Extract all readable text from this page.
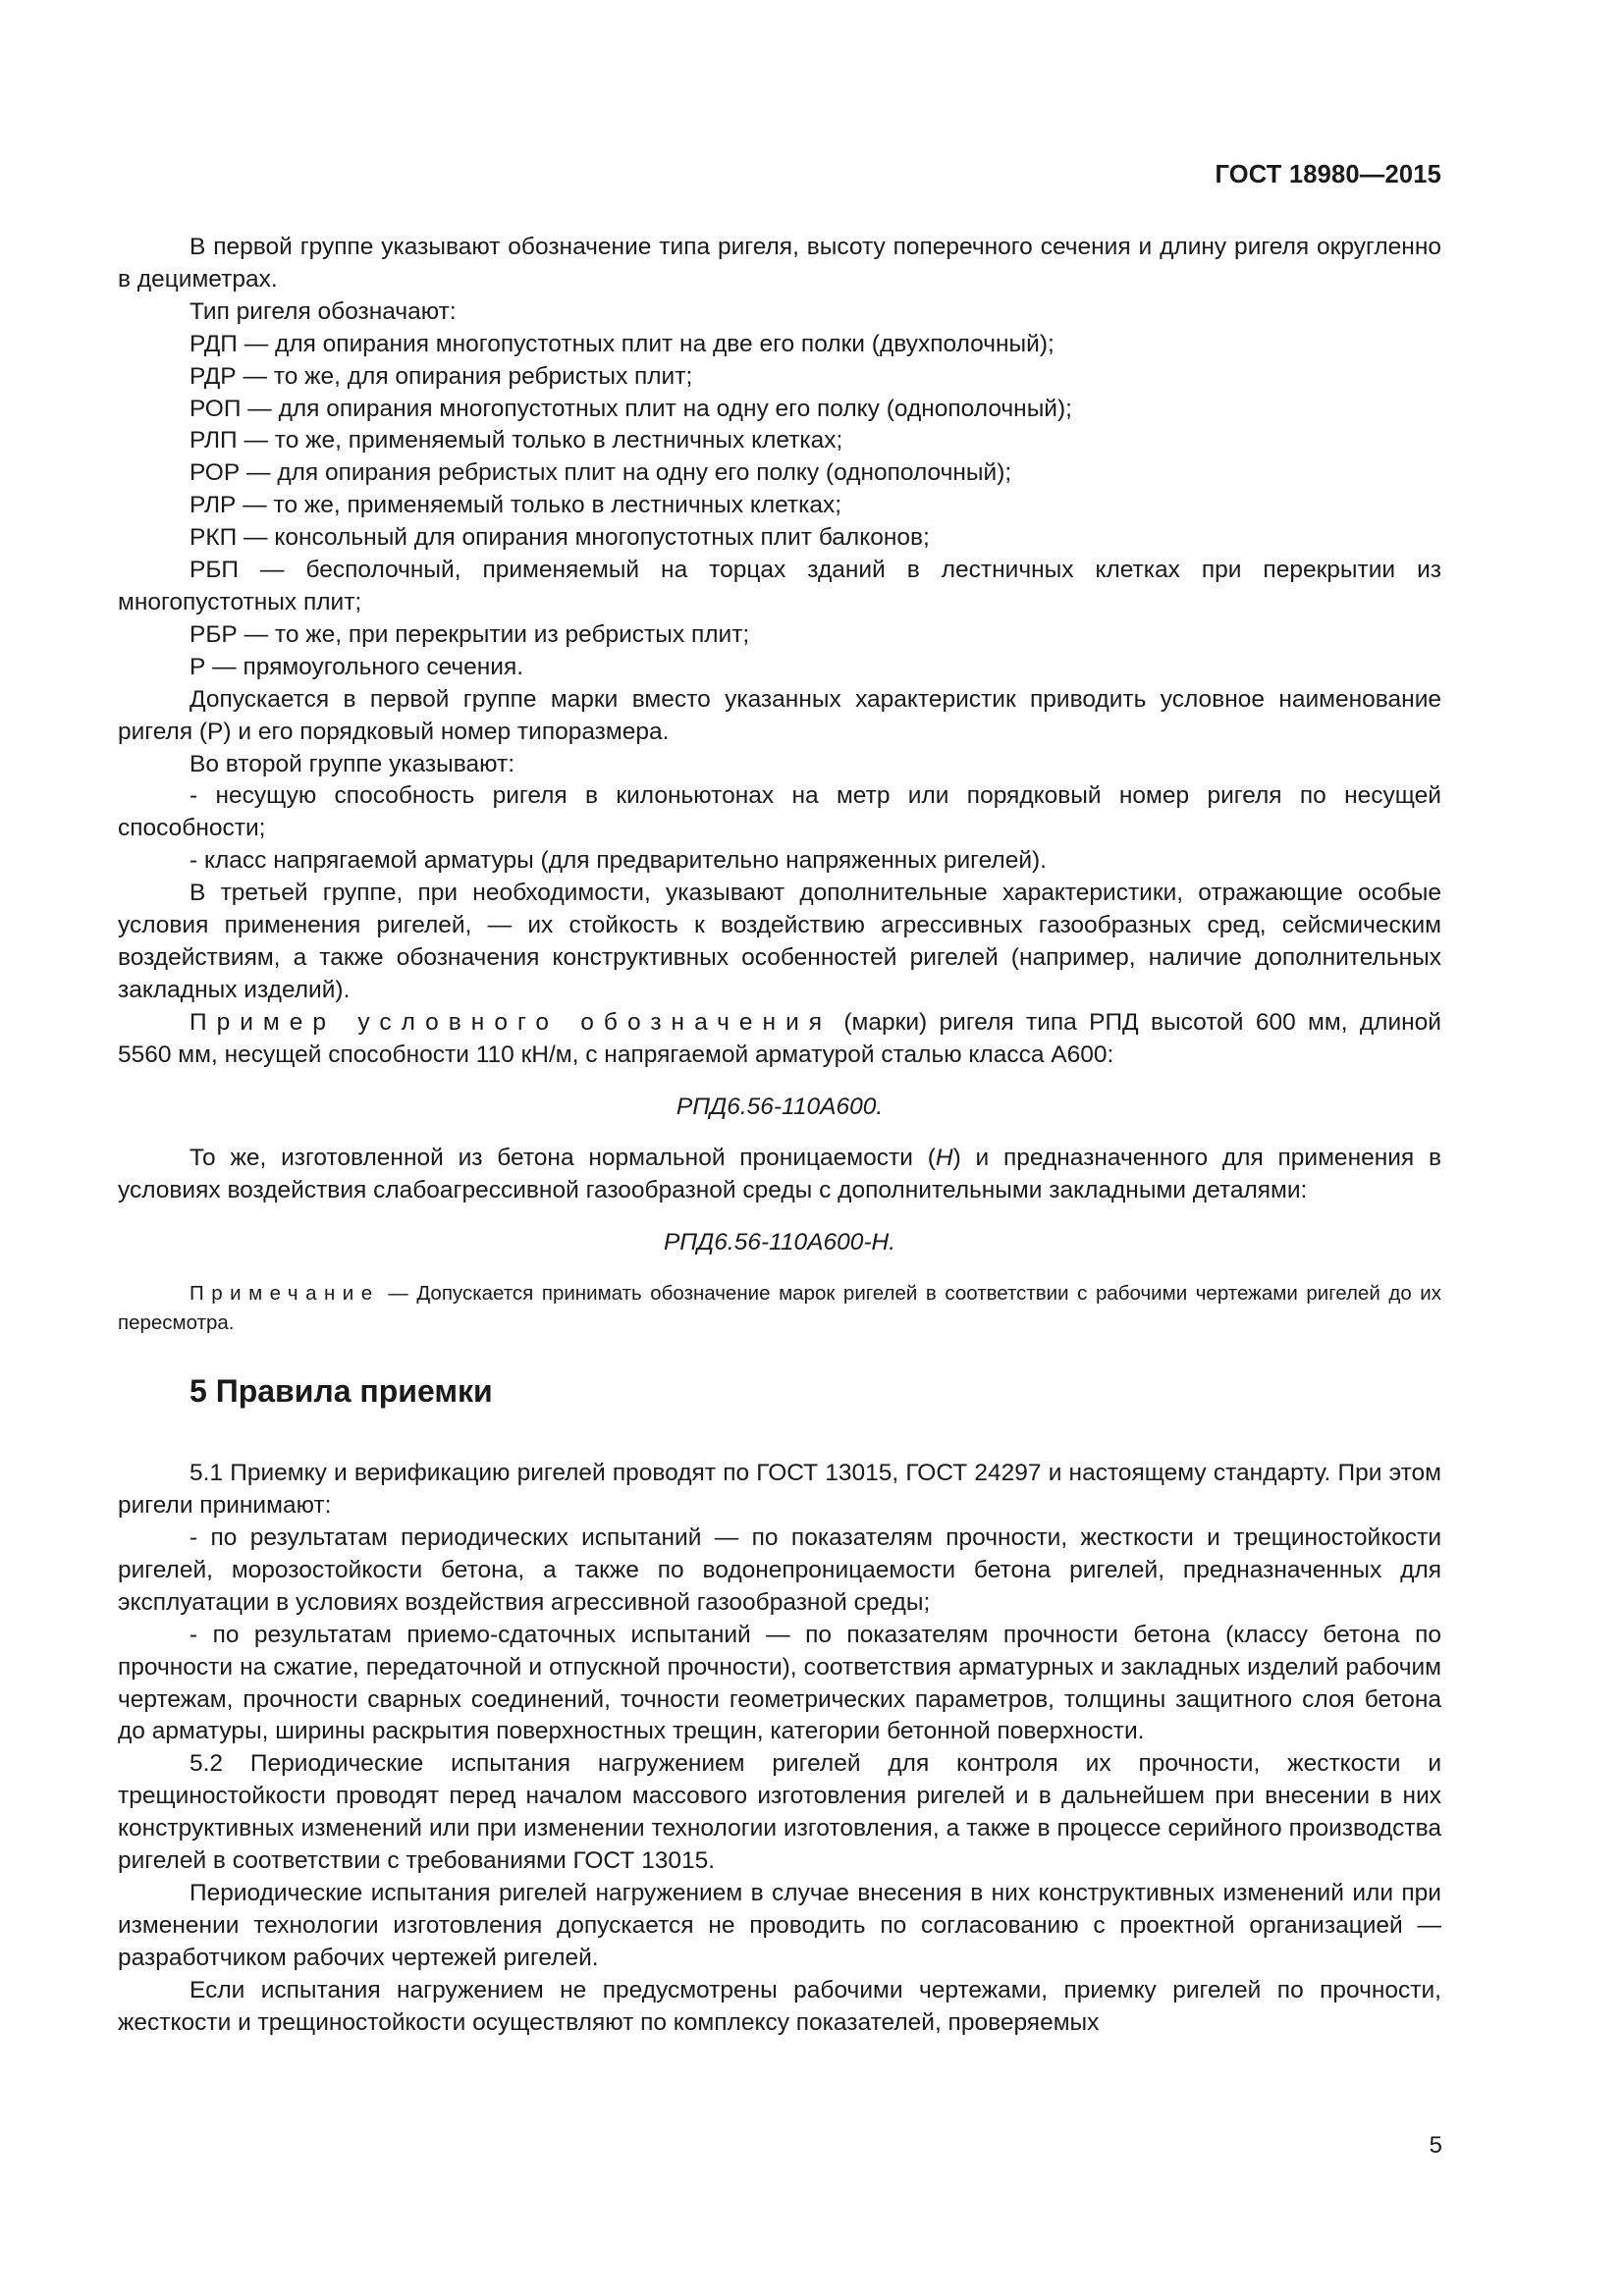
ГОСТ 18980—2015

В первой группе указывают обозначение типа ригеля, высоту поперечного сечения и длину ригеля округленно в дециметрах.

Тип ригеля обозначают:

РДП — для опирания многопустотных плит на две его полки (двухполочный);

РДР — то же, для опирания ребристых плит;

РОП — для опирания многопустотных плит на одну его полку (однополочный);

РЛП — то же, применяемый только в лестничных клетках;

РОР — для опирания ребристых плит на одну его полку (однополочный);

РЛР — то же, применяемый только в лестничных клетках;

РКП — консольный для опирания многопустотных плит балконов;

РБП — бесполочный, применяемый на торцах зданий в лестничных клетках при перекрытии из многопустотных плит;

РБР — то же, при перекрытии из ребристых плит;

Р — прямоугольного сечения.

Допускается в первой группе марки вместо указанных характеристик приводить условное наименование ригеля (Р) и его порядковый номер типоразмера.

Во второй группе указывают:

- несущую способность ригеля в килоньютонах на метр или порядковый номер ригеля по несущей способности;

- класс напрягаемой арматуры (для предварительно напряженных ригелей).

В третьей группе, при необходимости, указывают дополнительные характеристики, отражающие особые условия применения ригелей, — их стойкость к воздействию агрессивных газообразных сред, сейсмическим воздействиям, а также обозначения конструктивных особенностей ригелей (например, наличие дополнительных закладных изделий).

Пример условного обозначения (марки) ригеля типа РПД высотой 600 мм, длиной 5560 мм, несущей способности 110 кН/м, с напрягаемой арматурой сталью класса А600:

РПД6.56-110А600.

То же, изготовленной из бетона нормальной проницаемости (Н) и предназначенного для применения в условиях воздействия слабоагрессивной газообразной среды с дополнительными закладными деталями:

РПД6.56-110А600-Н.

Примечание — Допускается принимать обозначение марок ригелей в соответствии с рабочими чертежами ригелей до их пересмотра.

5 Правила приемки

5.1 Приемку и верификацию ригелей проводят по ГОСТ 13015, ГОСТ 24297 и настоящему стандарту. При этом ригели принимают:

- по результатам периодических испытаний — по показателям прочности, жесткости и трещиностойкости ригелей, морозостойкости бетона, а также по водонепроницаемости бетона ригелей, предназначенных для эксплуатации в условиях воздействия агрессивной газообразной среды;

- по результатам приемо-сдаточных испытаний — по показателям прочности бетона (классу бетона по прочности на сжатие, передаточной и отпускной прочности), соответствия арматурных и закладных изделий рабочим чертежам, прочности сварных соединений, точности геометрических параметров, толщины защитного слоя бетона до арматуры, ширины раскрытия поверхностных трещин, категории бетонной поверхности.

5.2 Периодические испытания нагружением ригелей для контроля их прочности, жесткости и трещиностойкости проводят перед началом массового изготовления ригелей и в дальнейшем при внесении в них конструктивных изменений или при изменении технологии изготовления, а также в процессе серийного производства ригелей в соответствии с требованиями ГОСТ 13015.

Периодические испытания ригелей нагружением в случае внесения в них конструктивных изменений или при изменении технологии изготовления допускается не проводить по согласованию с проектной организацией — разработчиком рабочих чертежей ригелей.

Если испытания нагружением не предусмотрены рабочими чертежами, приемку ригелей по прочности, жесткости и трещиностойкости осуществляют по комплексу показателей, проверяемых

5
